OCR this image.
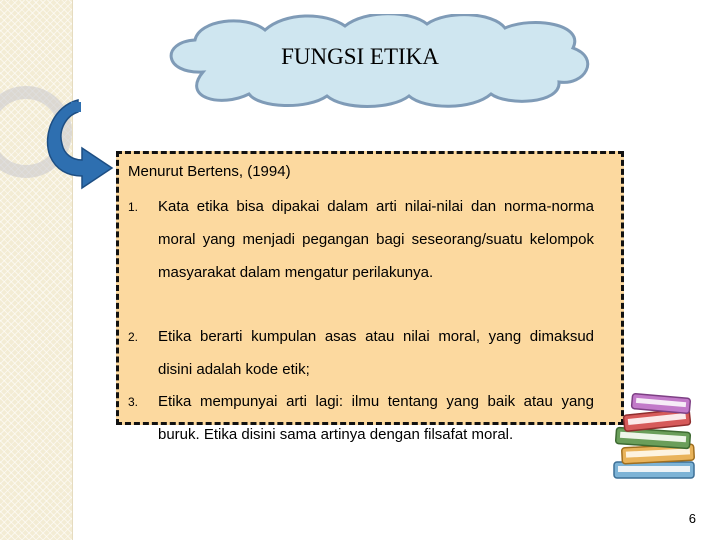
FUNGSI ETIKA
Menurut Bertens, (1994)
1.	Kata etika bisa dipakai dalam arti nilai-nilai dan norma-norma moral yang menjadi pegangan bagi seseorang/suatu kelompok masyarakat dalam mengatur perilakunya.
2.	Etika berarti kumpulan asas atau nilai moral, yang dimaksud disini adalah kode etik;
3.	Etika mempunyai arti lagi: ilmu tentang yang baik atau yang buruk. Etika disini sama artinya dengan filsafat moral.
6
